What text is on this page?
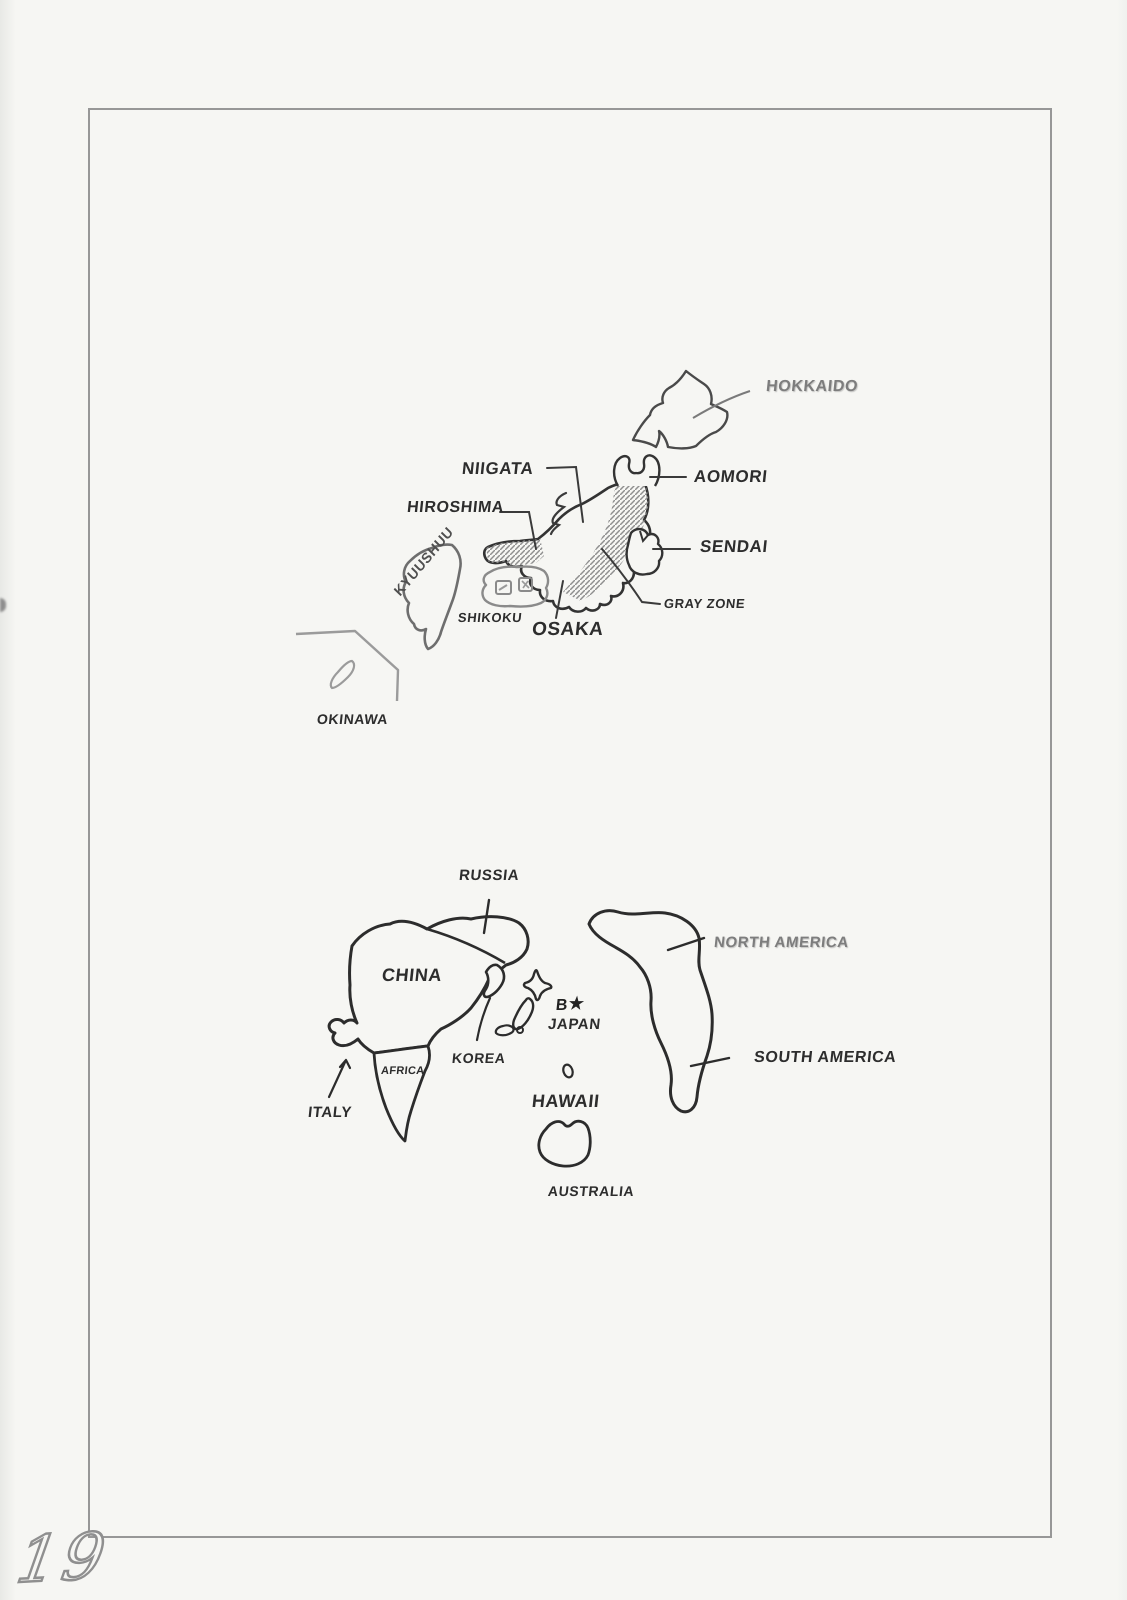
HOKKAIDO
NIIGATA	AOMORI
HIROSHIMA
SENDAI
GRAY ZONE
KYUUSHUU
SHIKOKU
OSAKA
OKINAWA
RUSSIA
CHINA
KOREA
B★
JAPAN
NORTH AMERICA
SOUTH AMERICA
ITALY
AFRICA
HAWAII
AUSTRALIA
19
